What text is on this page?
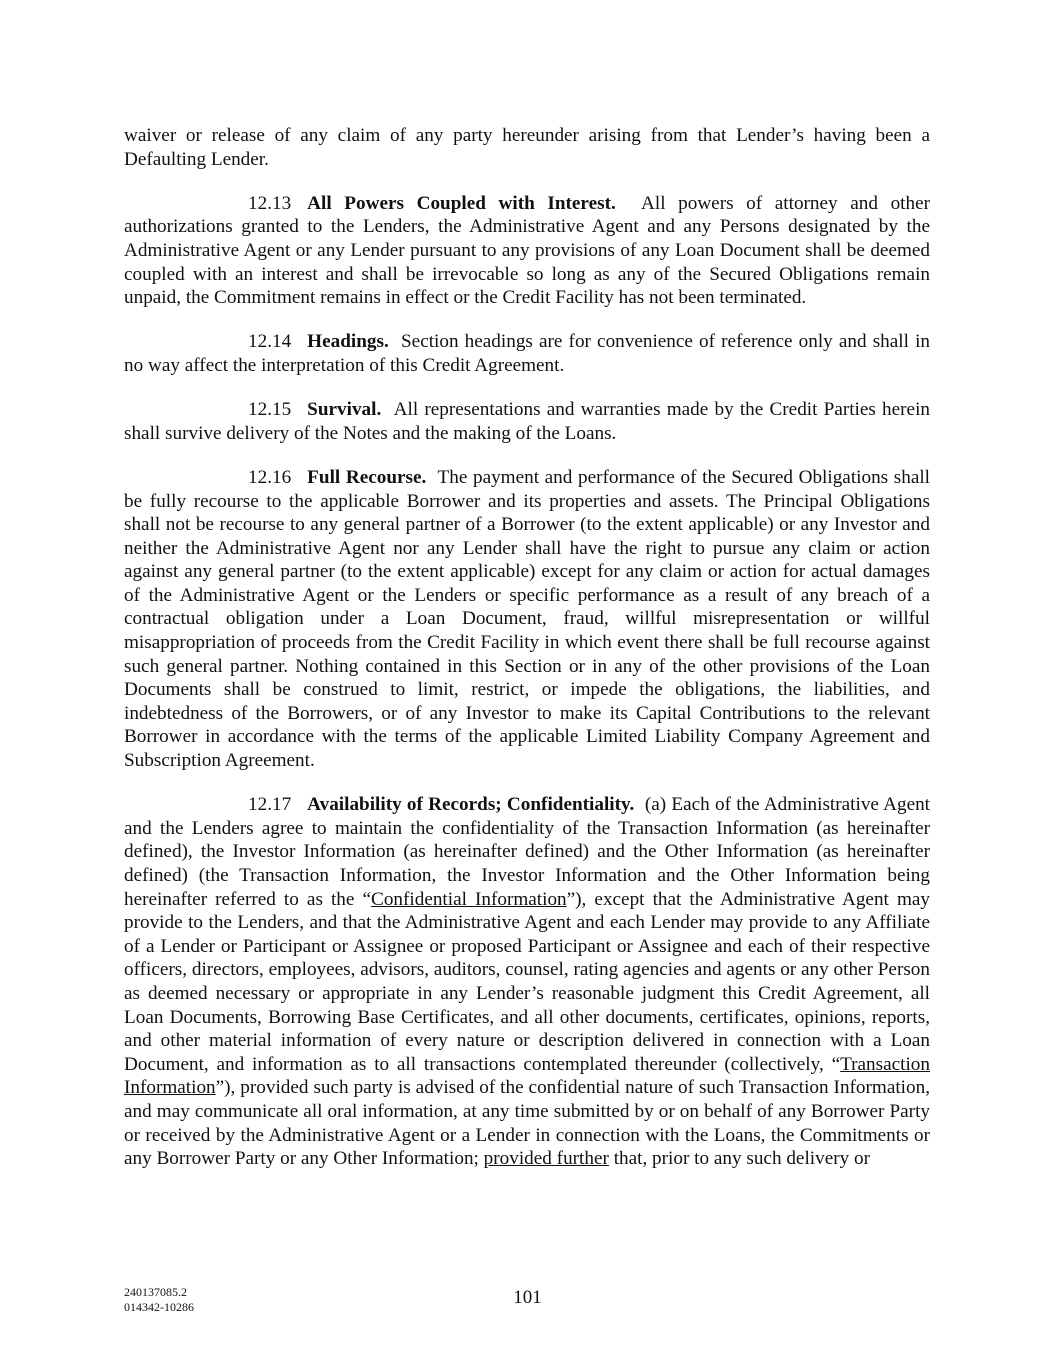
waiver or release of any claim of any party hereunder arising from that Lender’s having been a Defaulting Lender.

12.13 All Powers Coupled with Interest. All powers of attorney and other authorizations granted to the Lenders, the Administrative Agent and any Persons designated by the Administrative Agent or any Lender pursuant to any provisions of any Loan Document shall be deemed coupled with an interest and shall be irrevocable so long as any of the Secured Obligations remain unpaid, the Commitment remains in effect or the Credit Facility has not been terminated.

12.14 Headings. Section headings are for convenience of reference only and shall in no way affect the interpretation of this Credit Agreement.

12.15 Survival. All representations and warranties made by the Credit Parties herein shall survive delivery of the Notes and the making of the Loans.

12.16 Full Recourse. The payment and performance of the Secured Obligations shall be fully recourse to the applicable Borrower and its properties and assets. The Principal Obligations shall not be recourse to any general partner of a Borrower (to the extent applicable) or any Investor and neither the Administrative Agent nor any Lender shall have the right to pursue any claim or action against any general partner (to the extent applicable) except for any claim or action for actual damages of the Administrative Agent or the Lenders or specific performance as a result of any breach of a contractual obligation under a Loan Document, fraud, willful misrepresentation or willful misappropriation of proceeds from the Credit Facility in which event there shall be full recourse against such general partner. Nothing contained in this Section or in any of the other provisions of the Loan Documents shall be construed to limit, restrict, or impede the obligations, the liabilities, and indebtedness of the Borrowers, or of any Investor to make its Capital Contributions to the relevant Borrower in accordance with the terms of the applicable Limited Liability Company Agreement and Subscription Agreement.

12.17 Availability of Records; Confidentiality. (a) Each of the Administrative Agent and the Lenders agree to maintain the confidentiality of the Transaction Information (as hereinafter defined), the Investor Information (as hereinafter defined) and the Other Information (as hereinafter defined) (the Transaction Information, the Investor Information and the Other Information being hereinafter referred to as the “Confidential Information”), except that the Administrative Agent may provide to the Lenders, and that the Administrative Agent and each Lender may provide to any Affiliate of a Lender or Participant or Assignee or proposed Participant or Assignee and each of their respective officers, directors, employees, advisors, auditors, counsel, rating agencies and agents or any other Person as deemed necessary or appropriate in any Lender’s reasonable judgment this Credit Agreement, all Loan Documents, Borrowing Base Certificates, and all other documents, certificates, opinions, reports, and other material information of every nature or description delivered in connection with a Loan Document, and information as to all transactions contemplated thereunder (collectively, “Transaction Information”), provided such party is advised of the confidential nature of such Transaction Information, and may communicate all oral information, at any time submitted by or on behalf of any Borrower Party or received by the Administrative Agent or a Lender in connection with the Loans, the Commitments or any Borrower Party or any Other Information; provided further that, prior to any such delivery or

240137085.2
014342-10286	101
